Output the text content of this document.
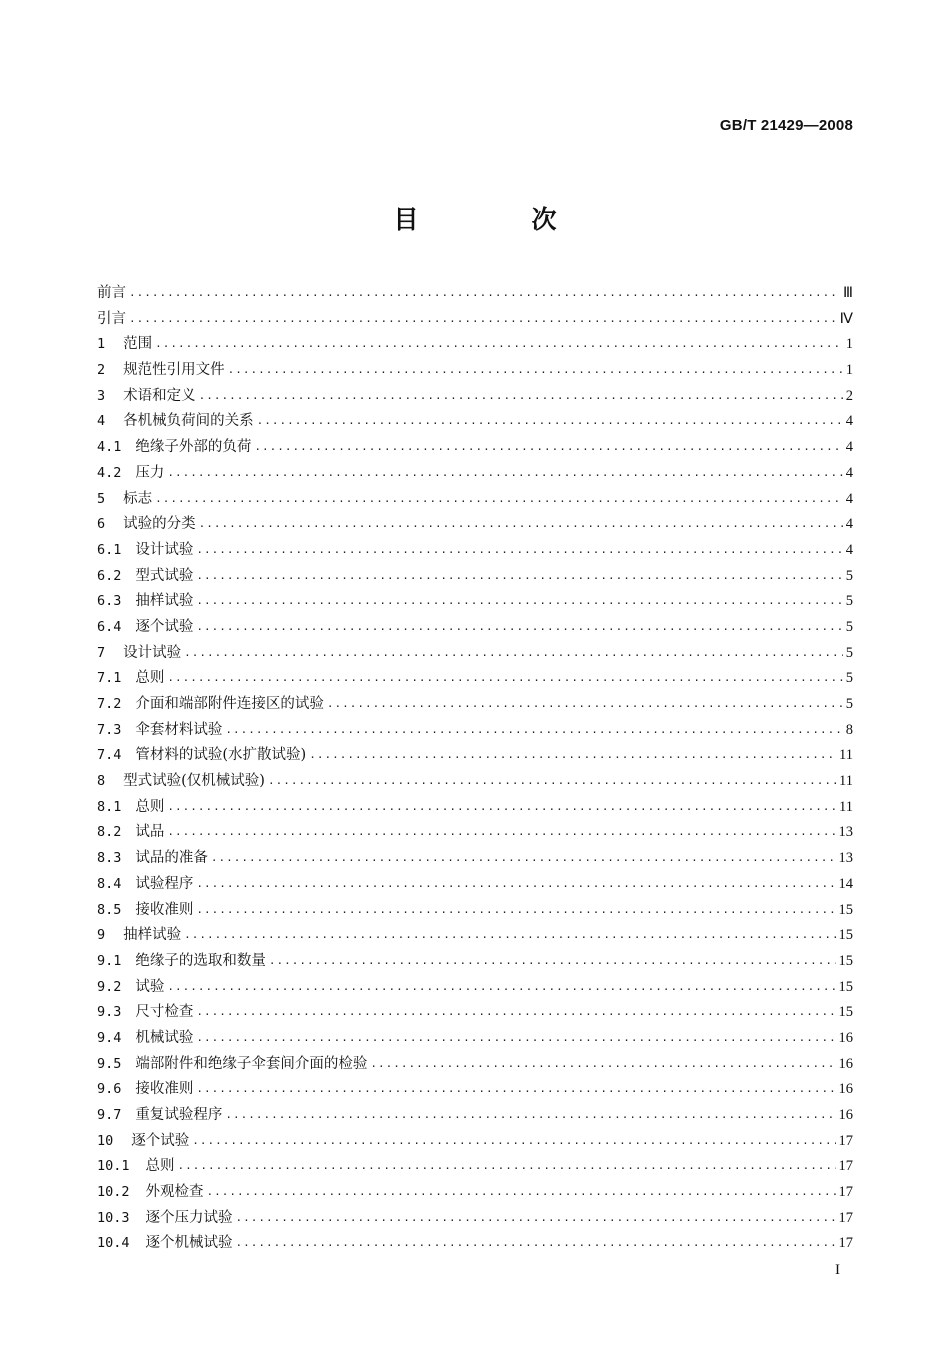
GB/T 21429—2008
目　次
前言 .....	Ⅲ
引言 .....	Ⅳ
1 范围 .....	1
2 规范性引用文件 .....	1
3 术语和定义 .....	2
4 各机械负荷间的关系 .....	4
4.1 绝缘子外部的负荷 .....	4
4.2 压力 .....	4
5 标志 .....	4
6 试验的分类 .....	4
6.1 设计试验 .....	4
6.2 型式试验 .....	5
6.3 抽样试验 .....	5
6.4 逐个试验 .....	5
7 设计试验 .....	5
7.1 总则 .....	5
7.2 介面和端部附件连接区的试验 .....	5
7.3 伞套材料试验 .....	8
7.4 管材料的试验(水扩散试验) .....	11
8 型式试验(仅机械试验) .....	11
8.1 总则 .....	11
8.2 试品 .....	13
8.3 试品的准备 .....	13
8.4 试验程序 .....	14
8.5 接收准则 .....	15
9 抽样试验 .....	15
9.1 绝缘子的选取和数量 .....	15
9.2 试验 .....	15
9.3 尺寸检查 .....	15
9.4 机械试验 .....	16
9.5 端部附件和绝缘子伞套间介面的检验 .....	16
9.6 接收准则 .....	16
9.7 重复试验程序 .....	16
10 逐个试验 .....	17
10.1 总则 .....	17
10.2 外观检查 .....	17
10.3 逐个压力试验 .....	17
10.4 逐个机械试验 .....	17
I
